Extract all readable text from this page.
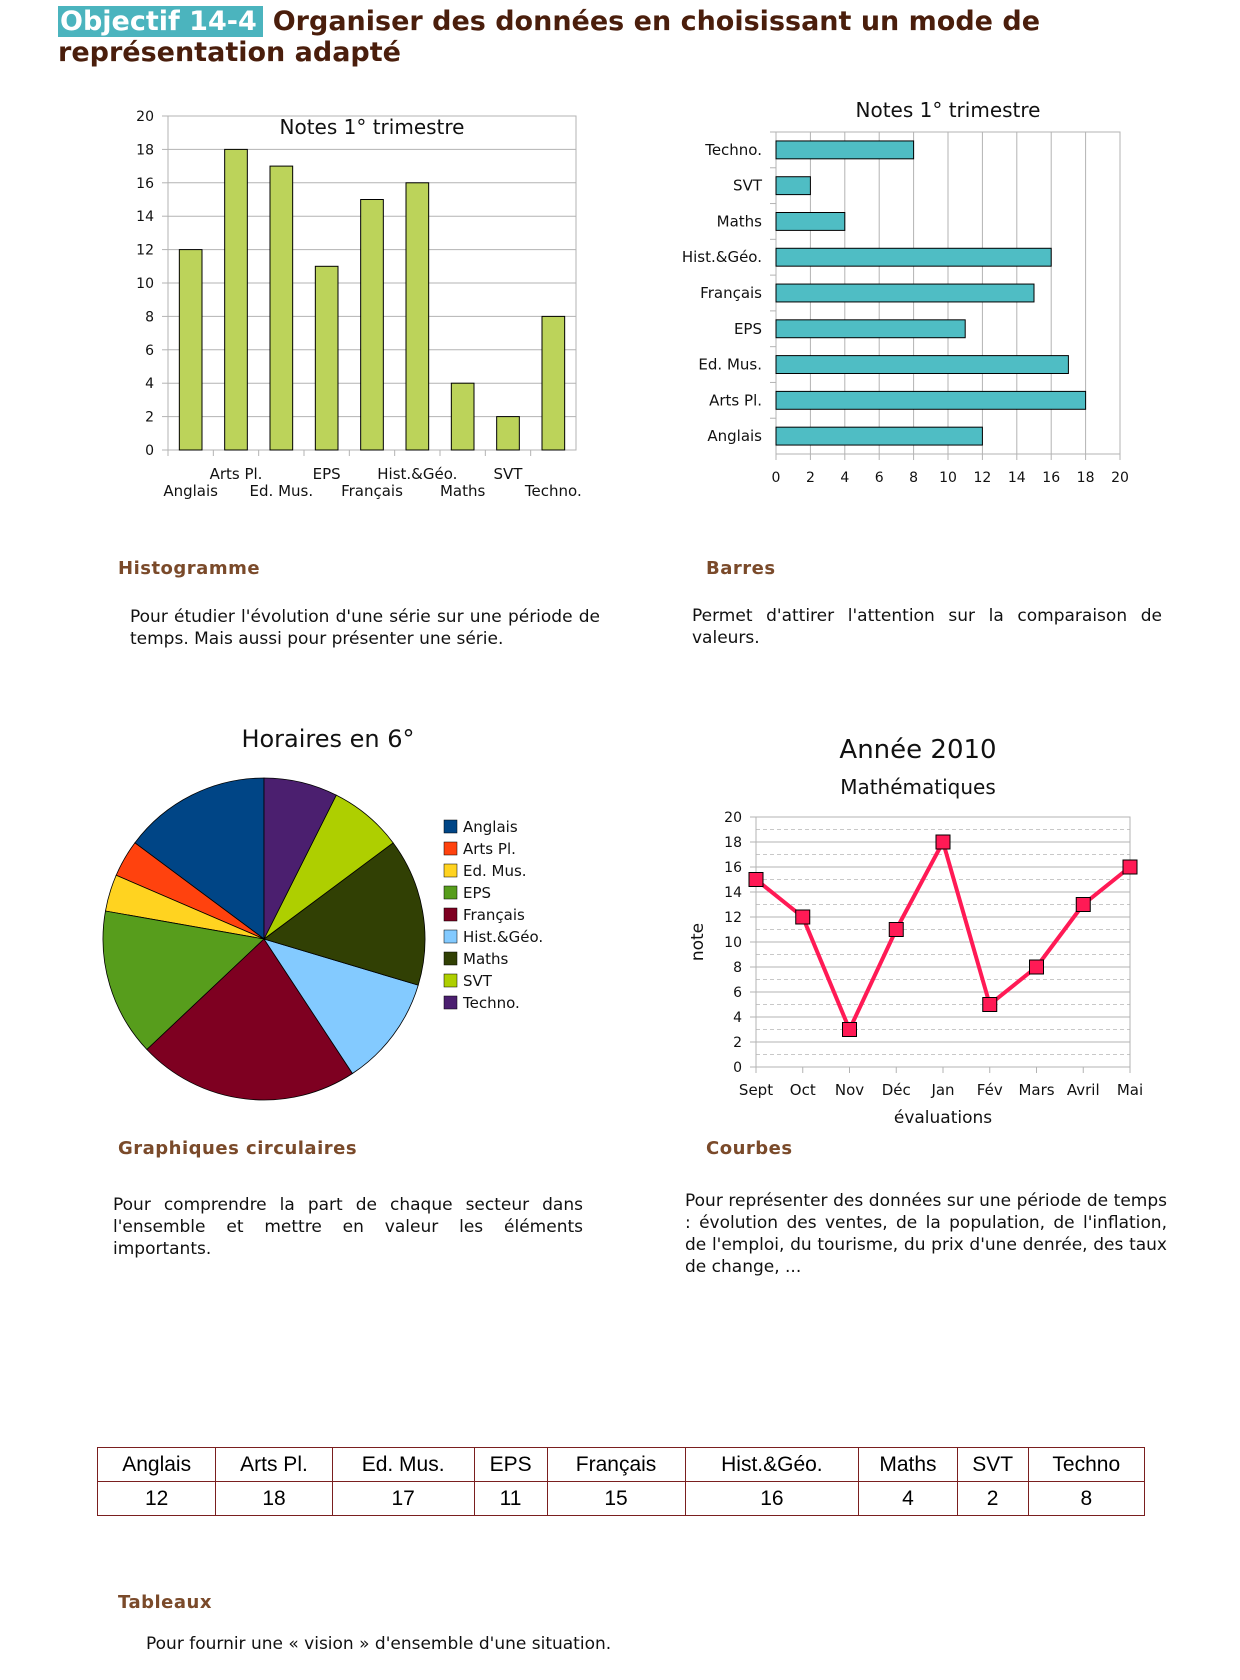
Objectif 14-4 Organiser des données en choisissant un mode de représentation adapté
0
2
4
6
8
10
12
14
16
18
20
Anglais
Arts Pl.
Ed. Mus.
EPS
Français
Hist.&Géo.
Maths
SVT
Techno.
Notes 1° trimestre
0 2 4 6 8 10 12 14 16 18 20
Techno.
SVT
Maths
Hist.&Géo.
Français
EPS
Ed. Mus.
Arts Pl.
Anglais
Notes 1° trimestre
Histogramme
Pour étudier l'évolution d'une série sur une période de temps. Mais aussi pour présenter une série.
Barres
Permet d'attirer l'attention sur la comparaison de valeurs.
Horaires en 6°
Anglais
Arts Pl.
Ed. Mus.
EPS
Français
Hist.&Géo.
Maths
SVT
Techno.
0
2
4
6
8
10
12
14
16
18
20
Sept Oct Nov Déc Jan Fév Mars Avril Mai
Année 2010
Mathématiques
évaluations
note
Graphiques circulaires
Pour comprendre la part de chaque secteur dans l'ensemble et mettre en valeur les éléments importants.
Courbes
Pour représenter des données sur une période de temps : évolution des ventes, de la population, de l'inflation, de l'emploi, du tourisme, du prix d'une denrée, des taux de change, ...
Anglais	Arts Pl.	Ed. Mus.	EPS	Français	Hist.&Géo.	Maths	SVT	Techno
12	18	17	11	15	16	4	2	8
Tableaux
Pour fournir une « vision » d'ensemble d'une situation.
